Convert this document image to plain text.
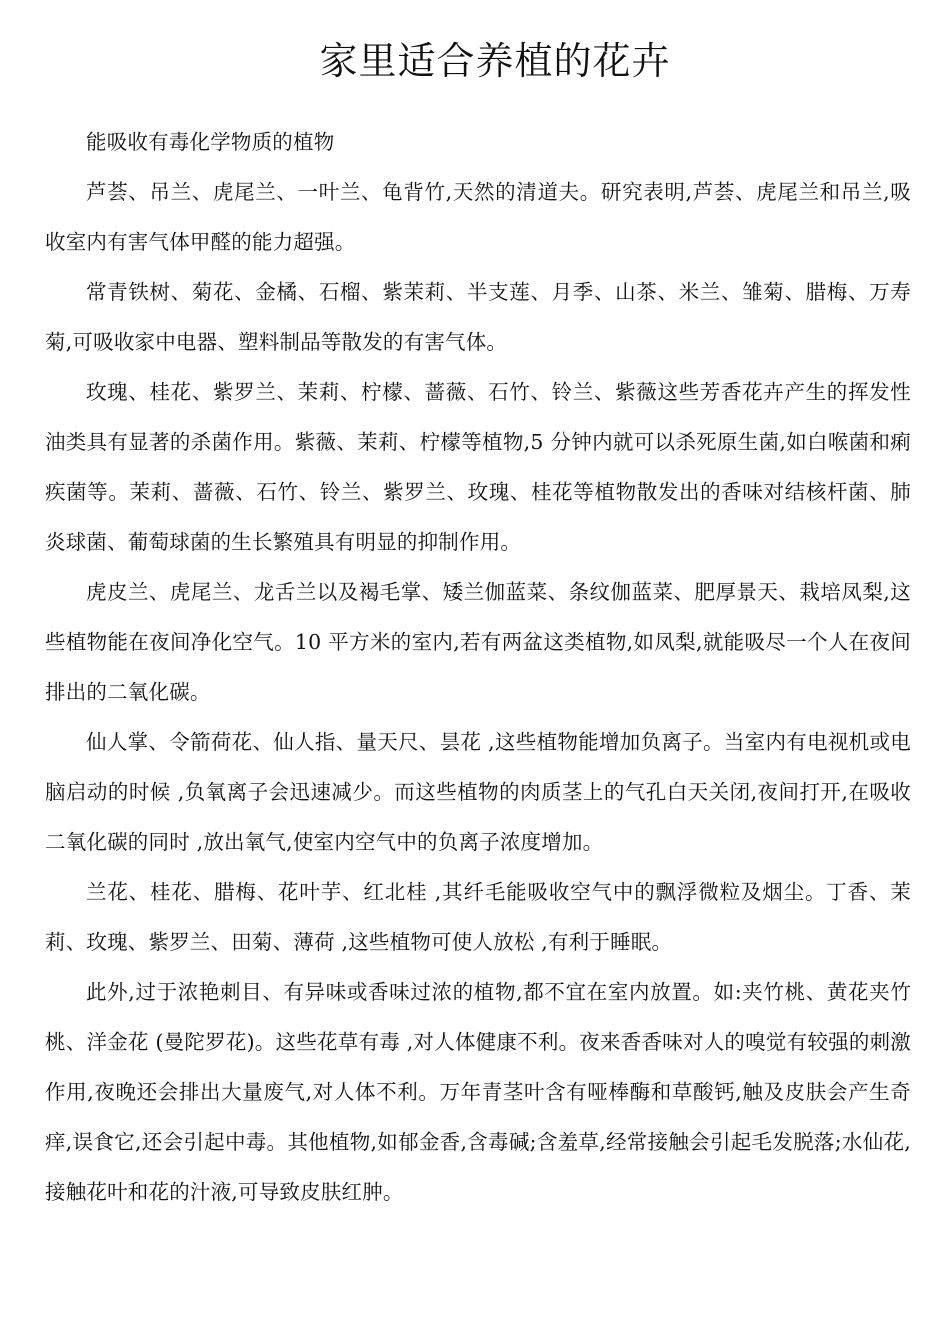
家里适合养植的花卉

能吸收有毒化学物质的植物

芦荟、吊兰、虎尾兰、一叶兰、龟背竹,天然的清道夫。研究表明,芦荟、虎尾兰和吊兰,吸收室内有害气体甲醛的能力超强。

常青铁树、菊花、金橘、石榴、紫茉莉、半支莲、月季、山茶、米兰、雏菊、腊梅、万寿菊,可吸收家中电器、塑料制品等散发的有害气体。

玫瑰、桂花、紫罗兰、茉莉、柠檬、蔷薇、石竹、铃兰、紫薇这些芳香花卉产生的挥发性油类具有显著的杀菌作用。紫薇、茉莉、柠檬等植物,5 分钟内就可以杀死原生菌,如白喉菌和痢疾菌等。茉莉、蔷薇、石竹、铃兰、紫罗兰、玫瑰、桂花等植物散发出的香味对结核杆菌、肺炎球菌、葡萄球菌的生长繁殖具有明显的抑制作用。

虎皮兰、虎尾兰、龙舌兰以及褐毛掌、矮兰伽蓝菜、条纹伽蓝菜、肥厚景天、栽培凤梨,这些植物能在夜间净化空气。10 平方米的室内,若有两盆这类植物,如凤梨,就能吸尽一个人在夜间排出的二氧化碳。

仙人掌、令箭荷花、仙人指、量天尺、昙花 ,这些植物能增加负离子。当室内有电视机或电脑启动的时候 ,负氧离子会迅速减少。而这些植物的肉质茎上的气孔白天关闭,夜间打开,在吸收二氧化碳的同时 ,放出氧气,使室内空气中的负离子浓度增加。

兰花、桂花、腊梅、花叶芋、红北桂 ,其纤毛能吸收空气中的飘浮微粒及烟尘。丁香、茉莉、玫瑰、紫罗兰、田菊、薄荷 ,这些植物可使人放松 ,有利于睡眠。

此外,过于浓艳刺目、有异味或香味过浓的植物,都不宜在室内放置。如:夹竹桃、黄花夹竹桃、洋金花 (曼陀罗花)。这些花草有毒 ,对人体健康不利。夜来香香味对人的嗅觉有较强的刺激作用,夜晚还会排出大量废气,对人体不利。万年青茎叶含有哑棒酶和草酸钙,触及皮肤会产生奇痒,误食它,还会引起中毒。其他植物,如郁金香,含毒碱;含羞草,经常接触会引起毛发脱落;水仙花,接触花叶和花的汁液,可导致皮肤红肿。
